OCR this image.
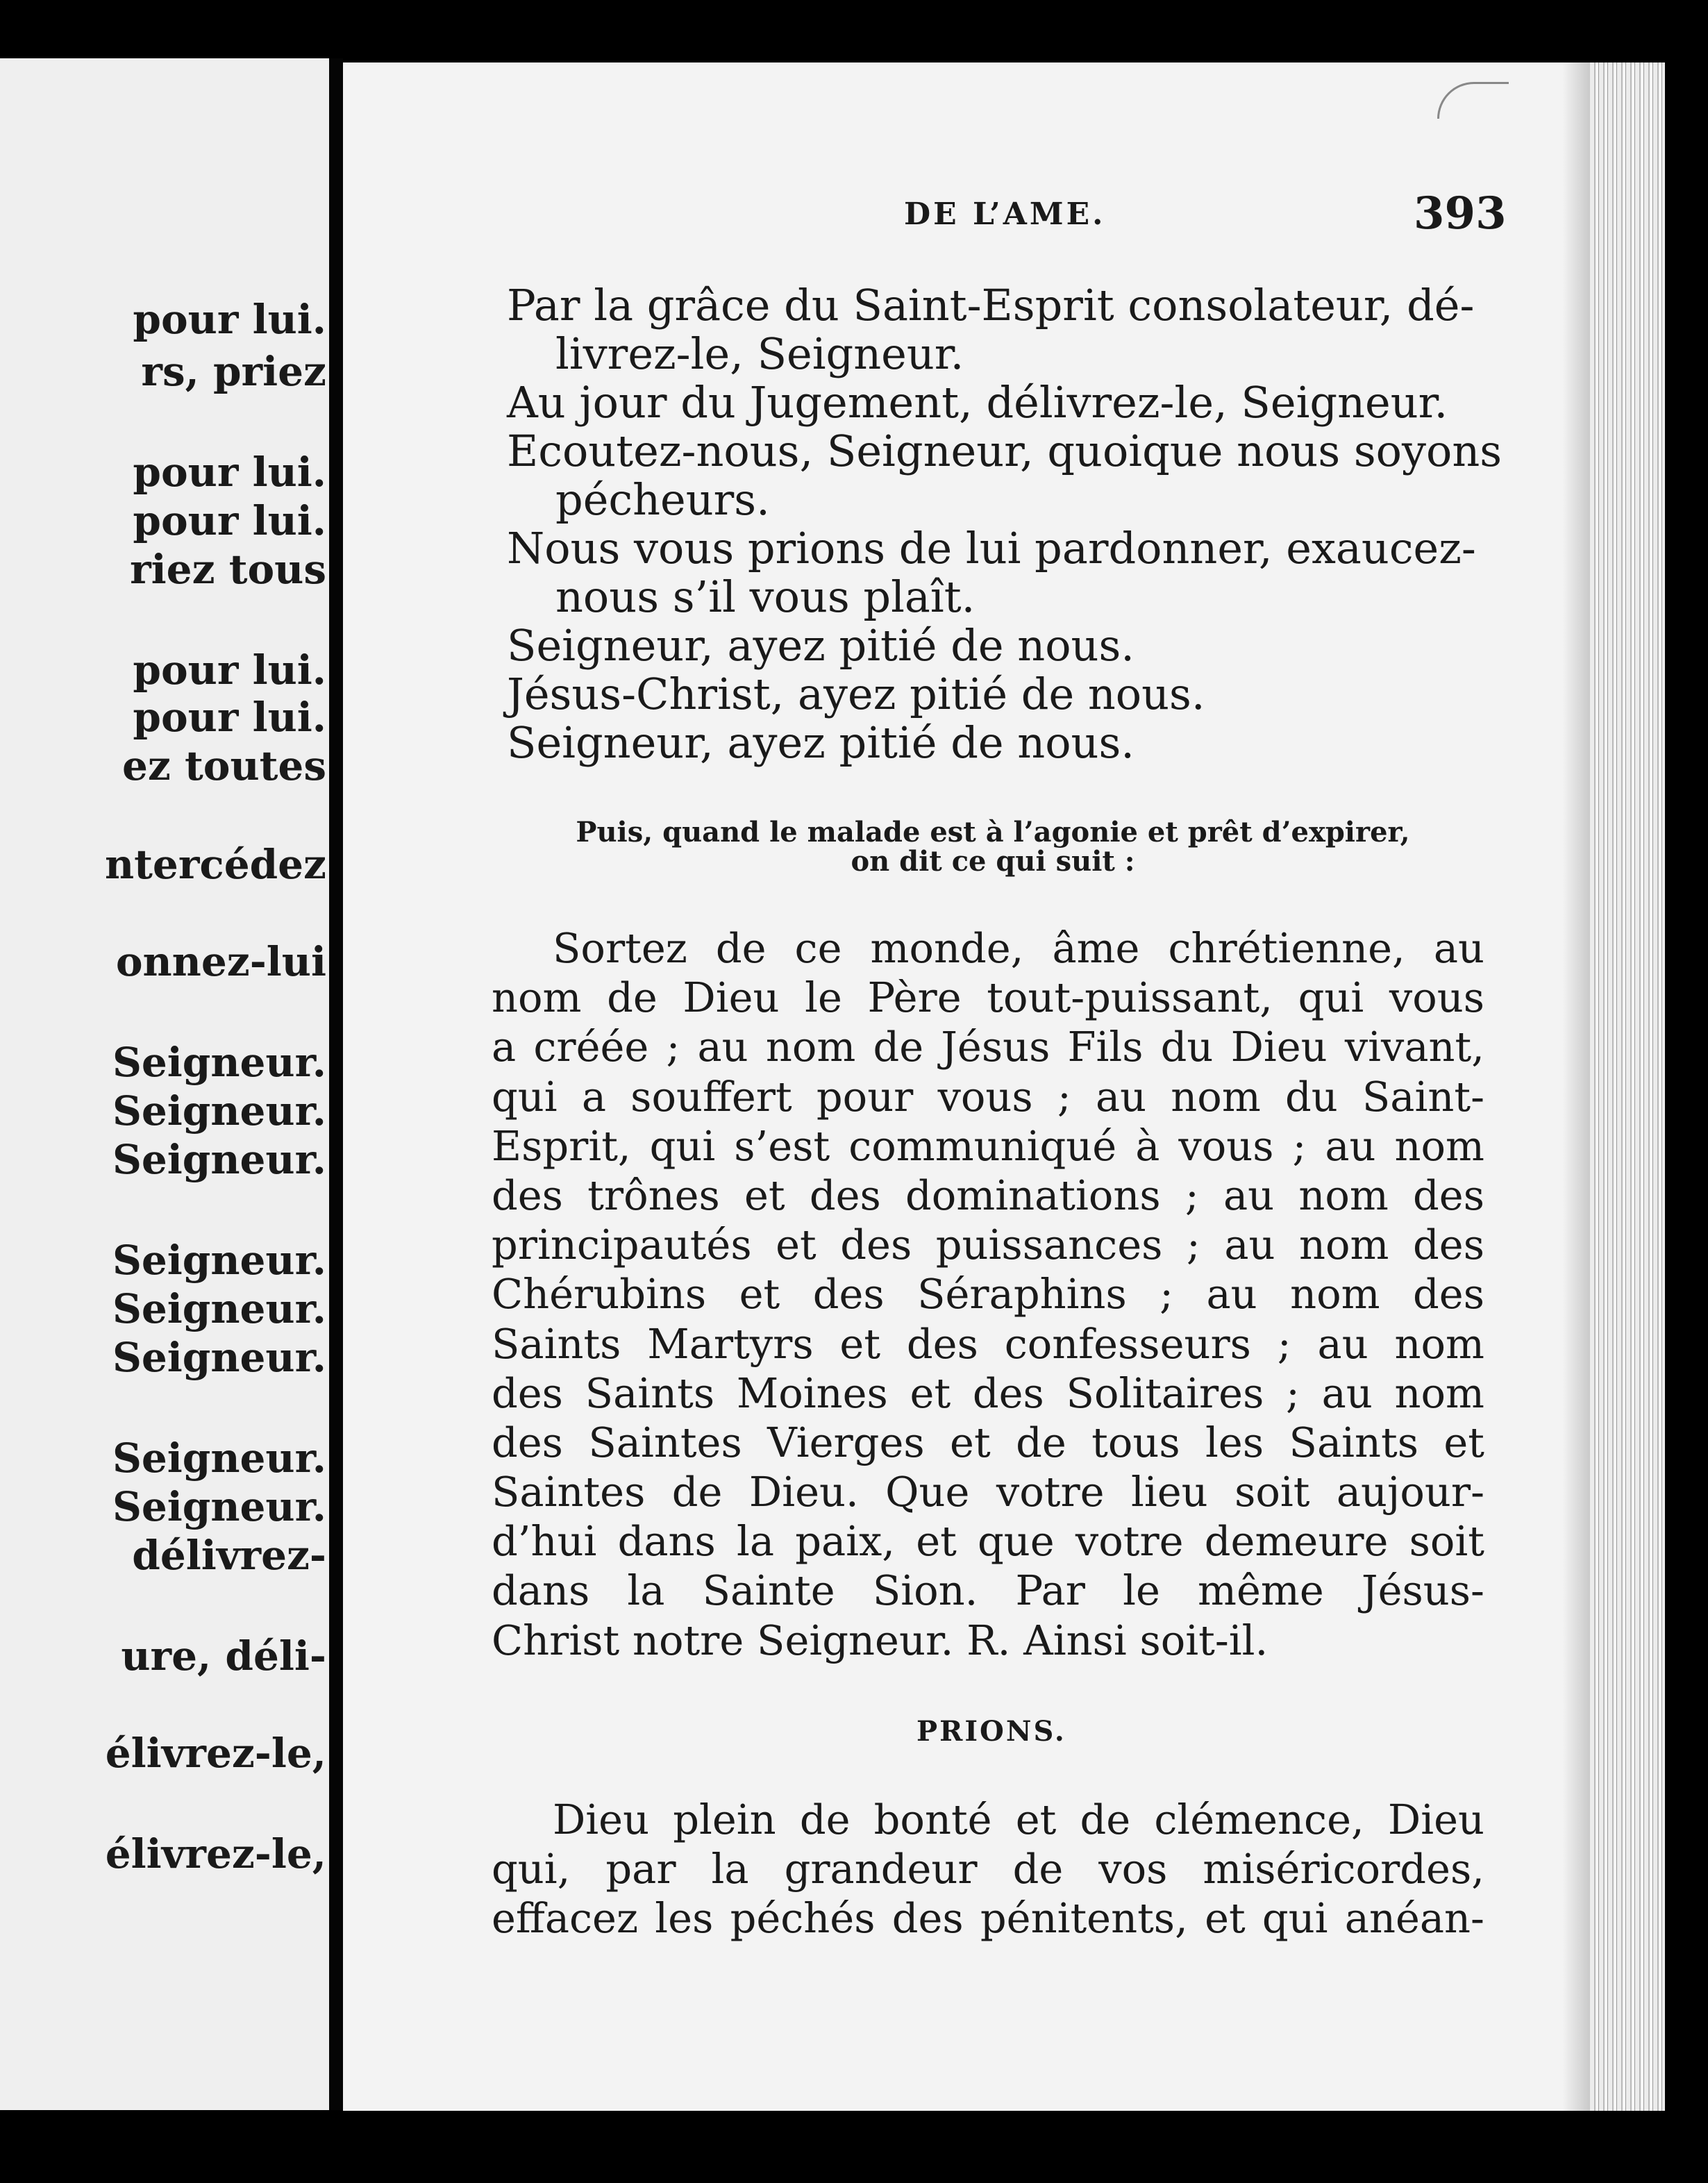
pour lui.
rs, priez
pour lui.
pour lui.
riez tous
pour lui.
pour lui.
ez toutes
ntercédez
onnez-lui
Seigneur.
Seigneur.
Seigneur.
Seigneur.
Seigneur.
Seigneur.
Seigneur.
Seigneur.
délivrez-
ure, déli-
élivrez-le,
élivrez-le,
DE L’AME.	393
Par la grâce du Saint-Esprit consolateur, dé-
livrez-le, Seigneur.
Au jour du Jugement, délivrez-le, Seigneur.
Ecoutez-nous, Seigneur, quoique nous soyons
pécheurs.
Nous vous prions de lui pardonner, exaucez-
nous s’il vous plaît.
Seigneur, ayez pitié de nous.
Jésus-Christ, ayez pitié de nous.
Seigneur, ayez pitié de nous.
Puis, quand le malade est à l’agonie et prêt d’expirer,
on dit ce qui suit :
Sortez de ce monde, âme chrétienne, au
nom de Dieu le Père tout-puissant, qui vous
a créée ; au nom de Jésus Fils du Dieu vivant,
qui a souffert pour vous ; au nom du Saint-
Esprit, qui s’est communiqué à vous ; au nom
des trônes et des dominations ; au nom des
principautés et des puissances ; au nom des
Chérubins et des Séraphins ; au nom des
Saints Martyrs et des confesseurs ; au nom
des Saints Moines et des Solitaires ; au nom
des Saintes Vierges et de tous les Saints et
Saintes de Dieu. Que votre lieu soit aujour-
d’hui dans la paix, et que votre demeure soit
dans la Sainte Sion. Par le même Jésus-
Christ notre Seigneur. R. Ainsi soit-il.
PRIONS.
Dieu plein de bonté et de clémence, Dieu
qui, par la grandeur de vos miséricordes,
effacez les péchés des pénitents, et qui anéan-
